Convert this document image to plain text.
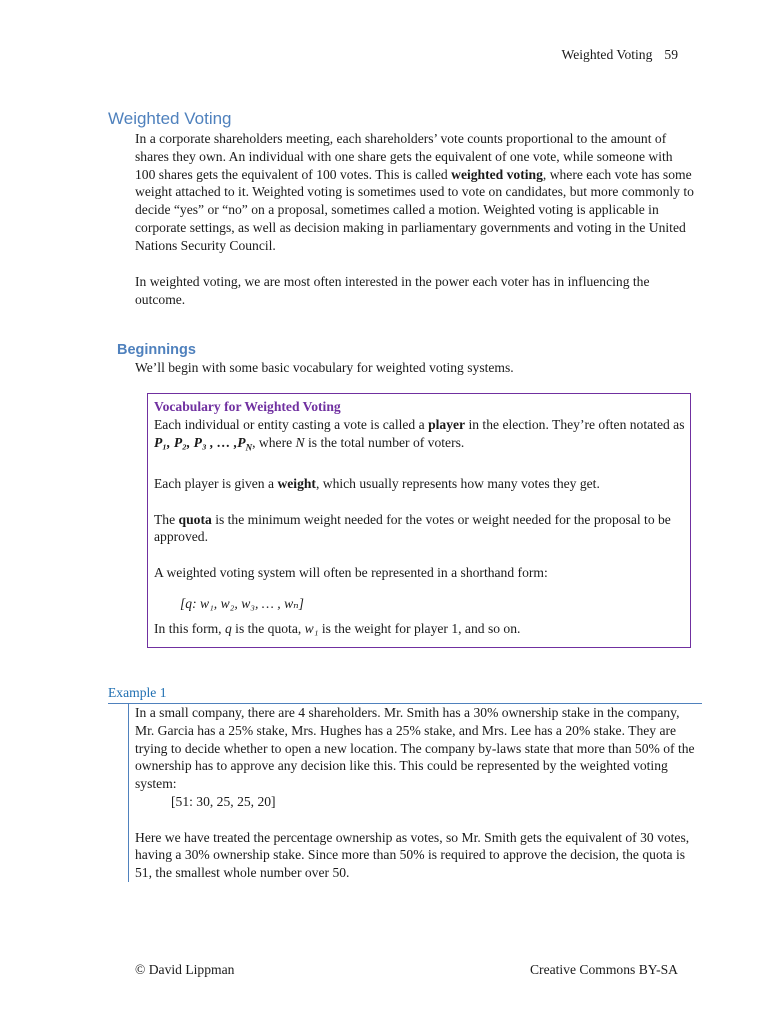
Weighted Voting 59
Weighted Voting

In a corporate shareholders meeting, each shareholders’ vote counts proportional to the amount of shares they own. An individual with one share gets the equivalent of one vote, while someone with 100 shares gets the equivalent of 100 votes. This is called weighted voting, where each vote has some weight attached to it. Weighted voting is sometimes used to vote on candidates, but more commonly to decide “yes” or “no” on a proposal, sometimes called a motion. Weighted voting is applicable in corporate settings, as well as decision making in parliamentary governments and voting in the United Nations Security Council.

In weighted voting, we are most often interested in the power each voter has in influencing the outcome.

Beginnings

We’ll begin with some basic vocabulary for weighted voting systems.

Vocabulary for Weighted Voting

Each individual or entity casting a vote is called a player in the election. They’re often notated as P₁, P₂, P₃ , … $,P_N$, where N is the total number of voters.

Each player is given a weight, which usually represents how many votes they get.

The quota is the minimum weight needed for the votes or weight needed for the proposal to be approved.

A weighted voting system will often be represented in a shorthand form:

[q: w₁, w₂, w₃, … , wₙ]

In this form, q is the quota, w₁ is the weight for player 1, and so on.

Example 1

In a small company, there are 4 shareholders. Mr. Smith has a 30% ownership stake in the company, Mr. Garcia has a 25% stake, Mrs. Hughes has a 25% stake, and Mrs. Lee has a 20% stake. They are trying to decide whether to open a new location. The company by-laws state that more than 50% of the ownership has to approve any decision like this. This could be represented by the weighted voting system:

[51: 30, 25, 25, 20]

Here we have treated the percentage ownership as votes, so Mr. Smith gets the equivalent of 30 votes, having a 30% ownership stake. Since more than 50% is required to approve the decision, the quota is 51, the smallest whole number over 50.

© David Lippman	Creative Commons BY-SA
